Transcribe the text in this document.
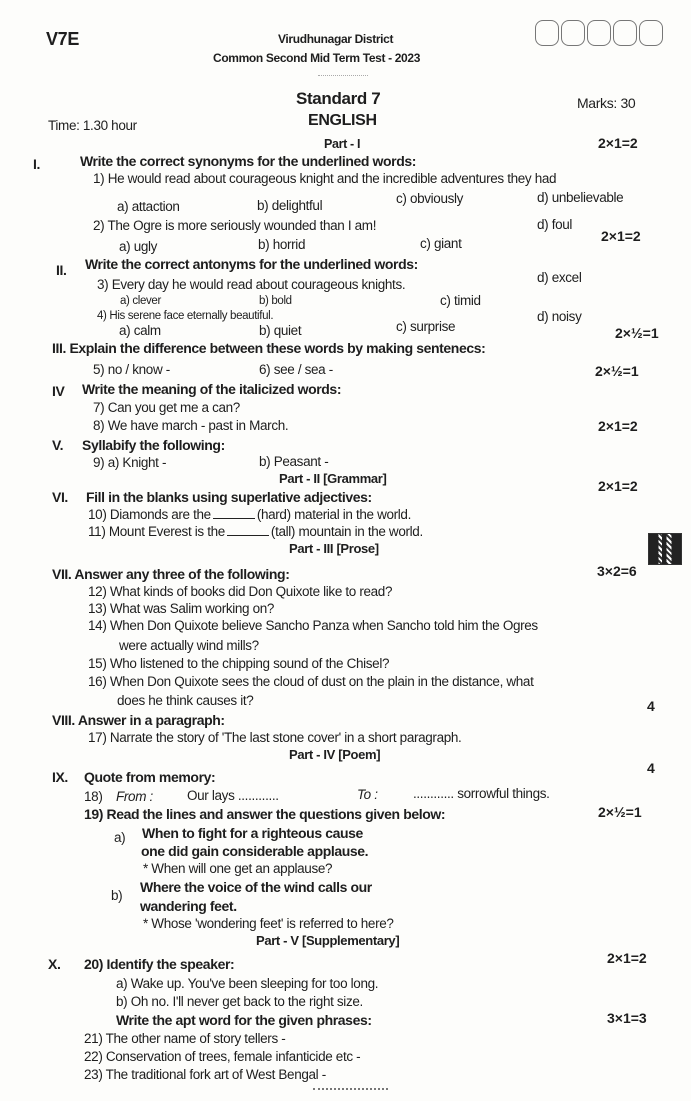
V7E	Virudhunagar District
Common Second Mid Term Test - 2023
Standard 7	Marks: 30
Time: 1.30 hour	ENGLISH
Part - I	2×1=2
I.	Write the correct synonyms for the underlined words:
1) He would read about courageous knight and the incredible adventures they had
d) unbelievable
a) attaction	b) delightful	c) obviously
2) The Ogre is more seriously wounded than I am!	d) foul
2×1=2
a) ugly	b) horrid	c) giant
II. Write the correct antonyms for the underlined words:
3) Every day he would read about courageous knights.	d) excel
c) timid
a) clever	b) bold
4) His serene face eternally beautiful.	d) noisy
a) calm	b) quiet	c) surprise
III. Explain the difference between these words by making sentenecs:
2×½=1
5) no / know -	6) see / sea -	2×½=1
IV Write the meaning of the italicized words:
7) Can you get me a can?
8) We have march - past in March.	2×1=2
V. Syllabify the following:
9) a) Knight -	b) Peasant -
Part - II [Grammar]	2×1=2
VI. Fill in the blanks using superlative adjectives:
10) Diamonds are the	(hard) material in the world.
11) Mount Everest is the	(tall) mountain in the world.
Part - III [Prose]
3×2=6
VII. Answer any three of the following:
12) What kinds of books did Don Quixote like to read?
13) What was Salim working on?
14) When Don Quixote believe Sancho Panza when Sancho told him the Ogres
were actually wind mills?
15) Who listened to the chipping sound of the Chisel?
16) When Don Quixote sees the cloud of dust on the plain in the distance, what
does he think causes it?	4
VIII. Answer in a paragraph:
17) Narrate the story of 'The last stone cover' in a short paragraph.
Part - IV [Poem]
4
IX. Quote from memory:
18) From :	Our lays ............	To :	............ sorrowful things.
2×½=1
19) Read the lines and answer the questions given below:
a) When to fight for a righteous cause
one did gain considerable applause.
* When will one get an applause?
b)
Where the voice of the wind calls our
wandering feet.
* Whose 'wondering feet' is referred to here?
Part - V [Supplementary]
2×1=2
X. 20) Identify the speaker:
a) Wake up. You've been sleeping for too long.
b) Oh no. I'll never get back to the right size.
Write the apt word for the given phrases:	3×1=3
21) The other name of story tellers -
22) Conservation of trees, female infanticide etc -
23) The traditional fork art of West Bengal -
